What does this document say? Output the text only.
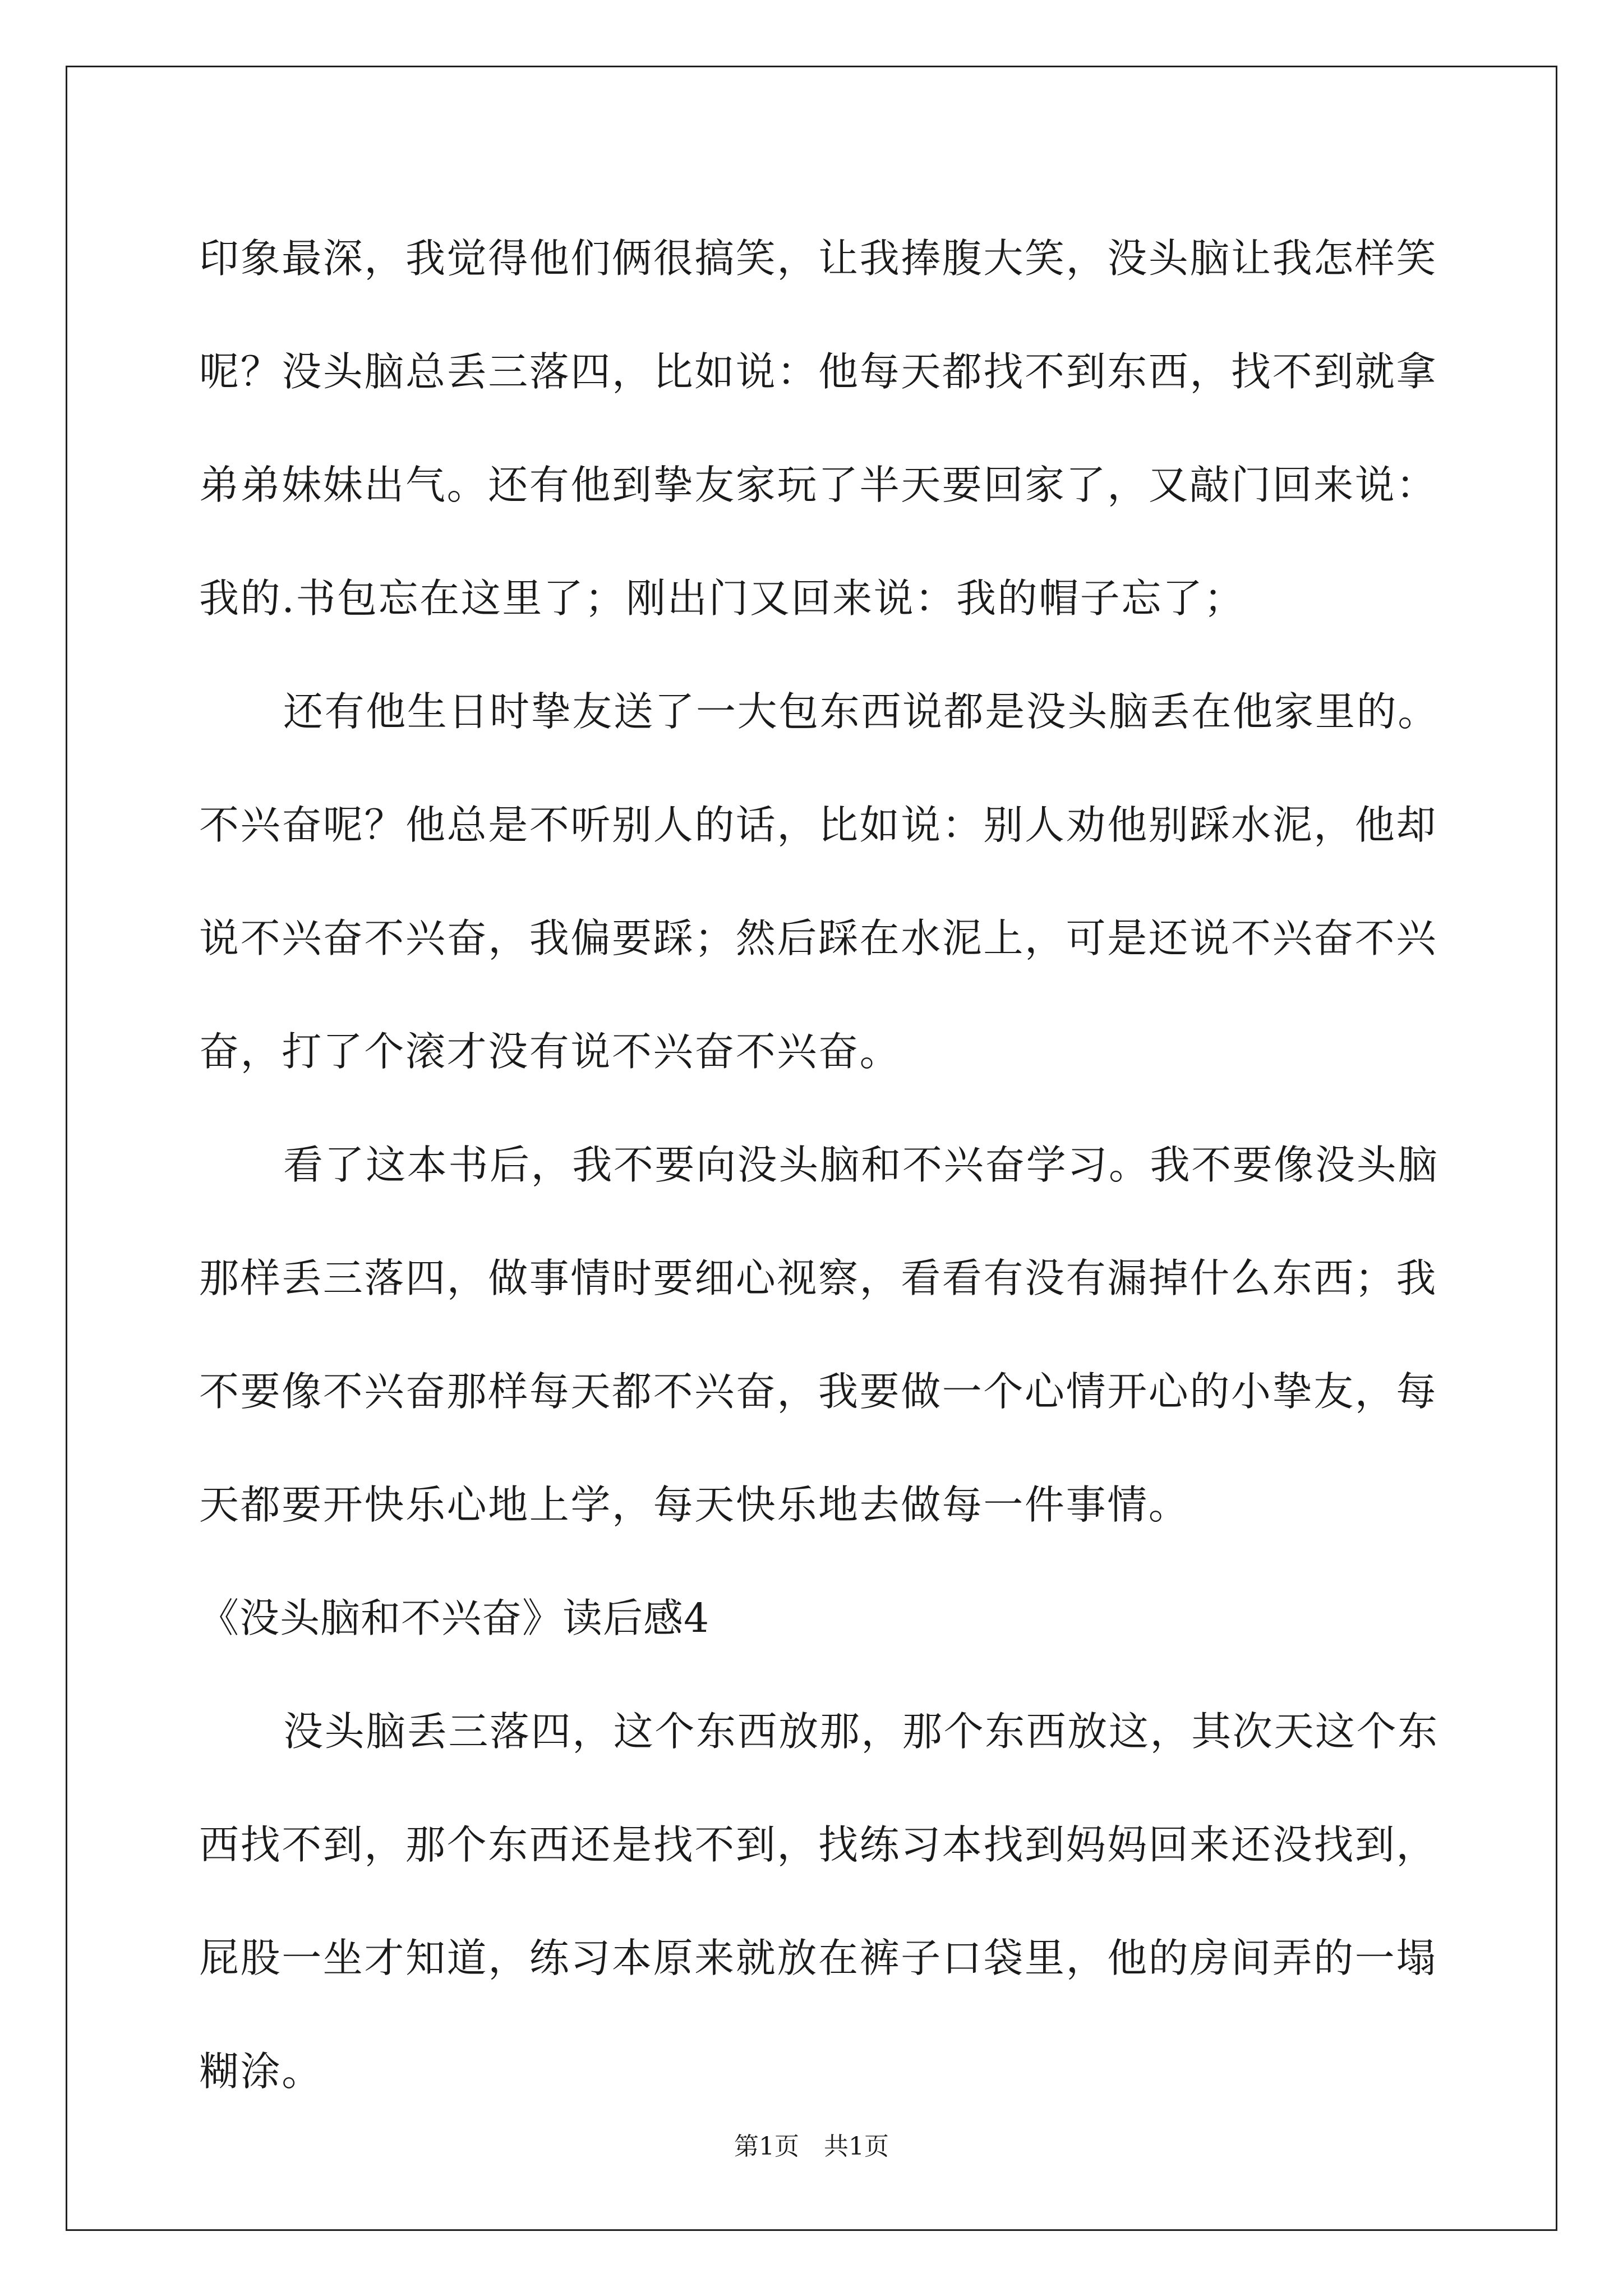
印象最深，我觉得他们俩很搞笑，让我捧腹大笑，没头脑让我怎样笑
呢？没头脑总丢三落四，比如说：他每天都找不到东西，找不到就拿
弟弟妹妹出气。还有他到挚友家玩了半天要回家了，又敲门回来说：
我的.书包忘在这里了；刚出门又回来说：我的帽子忘了；
还有他生日时挚友送了一大包东西说都是没头脑丢在他家里的。
不兴奋呢？他总是不听别人的话，比如说：别人劝他别踩水泥，他却
说不兴奋不兴奋，我偏要踩；然后踩在水泥上，可是还说不兴奋不兴
奋，打了个滚才没有说不兴奋不兴奋。
看了这本书后，我不要向没头脑和不兴奋学习。我不要像没头脑
那样丢三落四，做事情时要细心视察，看看有没有漏掉什么东西；我
不要像不兴奋那样每天都不兴奋，我要做一个心情开心的小挚友，每
天都要开快乐心地上学，每天快乐地去做每一件事情。
《没头脑和不兴奋》读后感4
没头脑丢三落四，这个东西放那，那个东西放这，其次天这个东
西找不到，那个东西还是找不到，找练习本找到妈妈回来还没找到，
屁股一坐才知道，练习本原来就放在裤子口袋里，他的房间弄的一塌
糊涂。
第1页 共1页
